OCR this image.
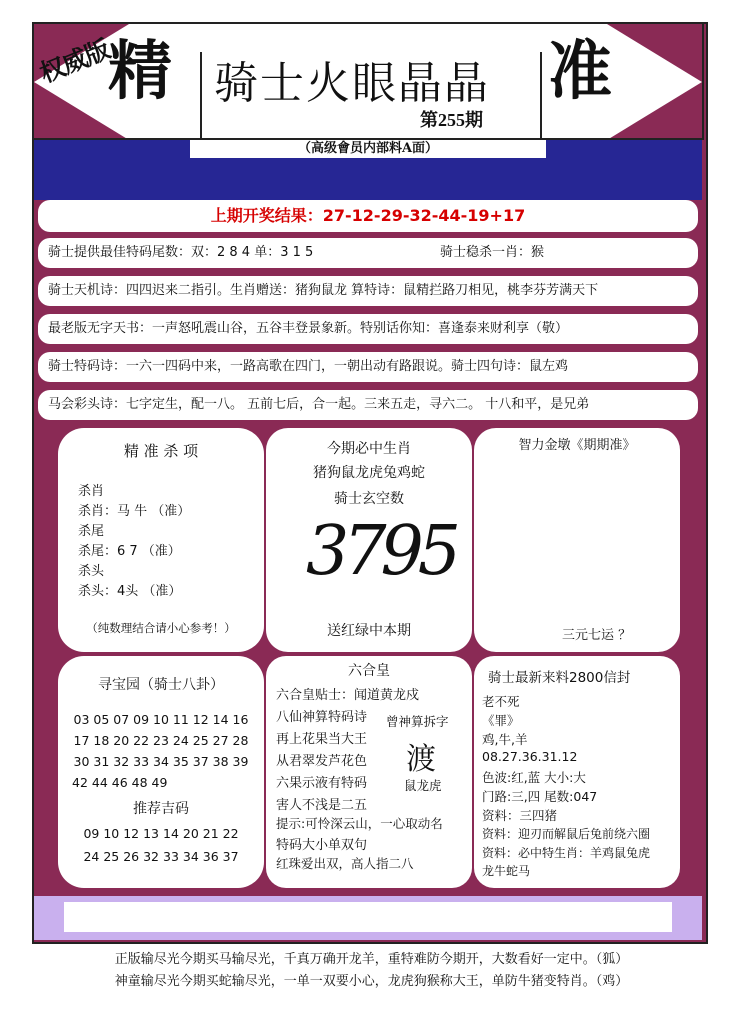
权威版
精 骑士火眼晶晶 准
第255期
（高级會员内部料A面）
上期开奖结果：27-12-29-32-44-19+17
骑士提供最佳特码尾数：双：2 8 4 单：3 1 5	骑士稳杀一肖：猴
骑士天机诗：四四迟来二指引。生肖赠送：猪狗鼠龙 算特诗：鼠精拦路刀相见，桃李芬芳满天下
最老版无字天书：一声怒吼震山谷，五谷丰登景象新。特别话你知：喜逢泰来财利享（敬）
骑士特码诗：一六一四码中来，一路高歌在四门，一朝出动有路跟说。骑士四句诗：鼠左鸡
马会彩头诗：七字定生，配一八。 五前七后，合一起。三来五走，寻六二。 十八和平，是兄弟
精 准 杀 项
杀肖
杀肖：马 牛 （准）
杀尾
杀尾：6 7 （准）
杀头
杀头：4头 （准）
（纯数理结合请小心参考！）
今期必中生肖
猪狗鼠龙虎兔鸡蛇
骑士玄空数
3795
送红绿中本期
智力金墩《期期准》
三元七运 ？
寻宝园（骑士八卦）
03 05 07 09 10 11 12 14 16
17 18 20 22 23 24 25 27 28
30 31 32 33 34 35 37 38 39
42 44 46 48 49
推荐吉码
09 10 12 13 14 20 21 22
24 25 26 32 33 34 36 37
六合皇
六合皇贴士：闻道黄龙戍
八仙神算特码诗
再上花果当大王
从君翠发芦花色
六果示液有特码
害人不浅是二五
提示:可怜深云山，一心取动名
特码大小单双句
红珠爱出双，高人指二八
曾神算拆字
渡
鼠龙虎
骑士最新来料2800信封
老不死
《罪》
鸡,牛,羊
08.27.36.31.12
色波:红,蓝 大小:大
门路:三,四 尾数:047
资料：三四猪
资料：迎刃而解鼠后兔前绕六圈
资料：必中特生肖：羊鸡鼠兔虎
龙牛蛇马
正版输尽光今期买马输尽光，千真万确开龙羊，重特难防今期开，大数看好一定中。（狐）
神童输尽光今期买蛇输尽光，一单一双要小心，龙虎狗猴称大王，单防牛猪变特肖。（鸡）
